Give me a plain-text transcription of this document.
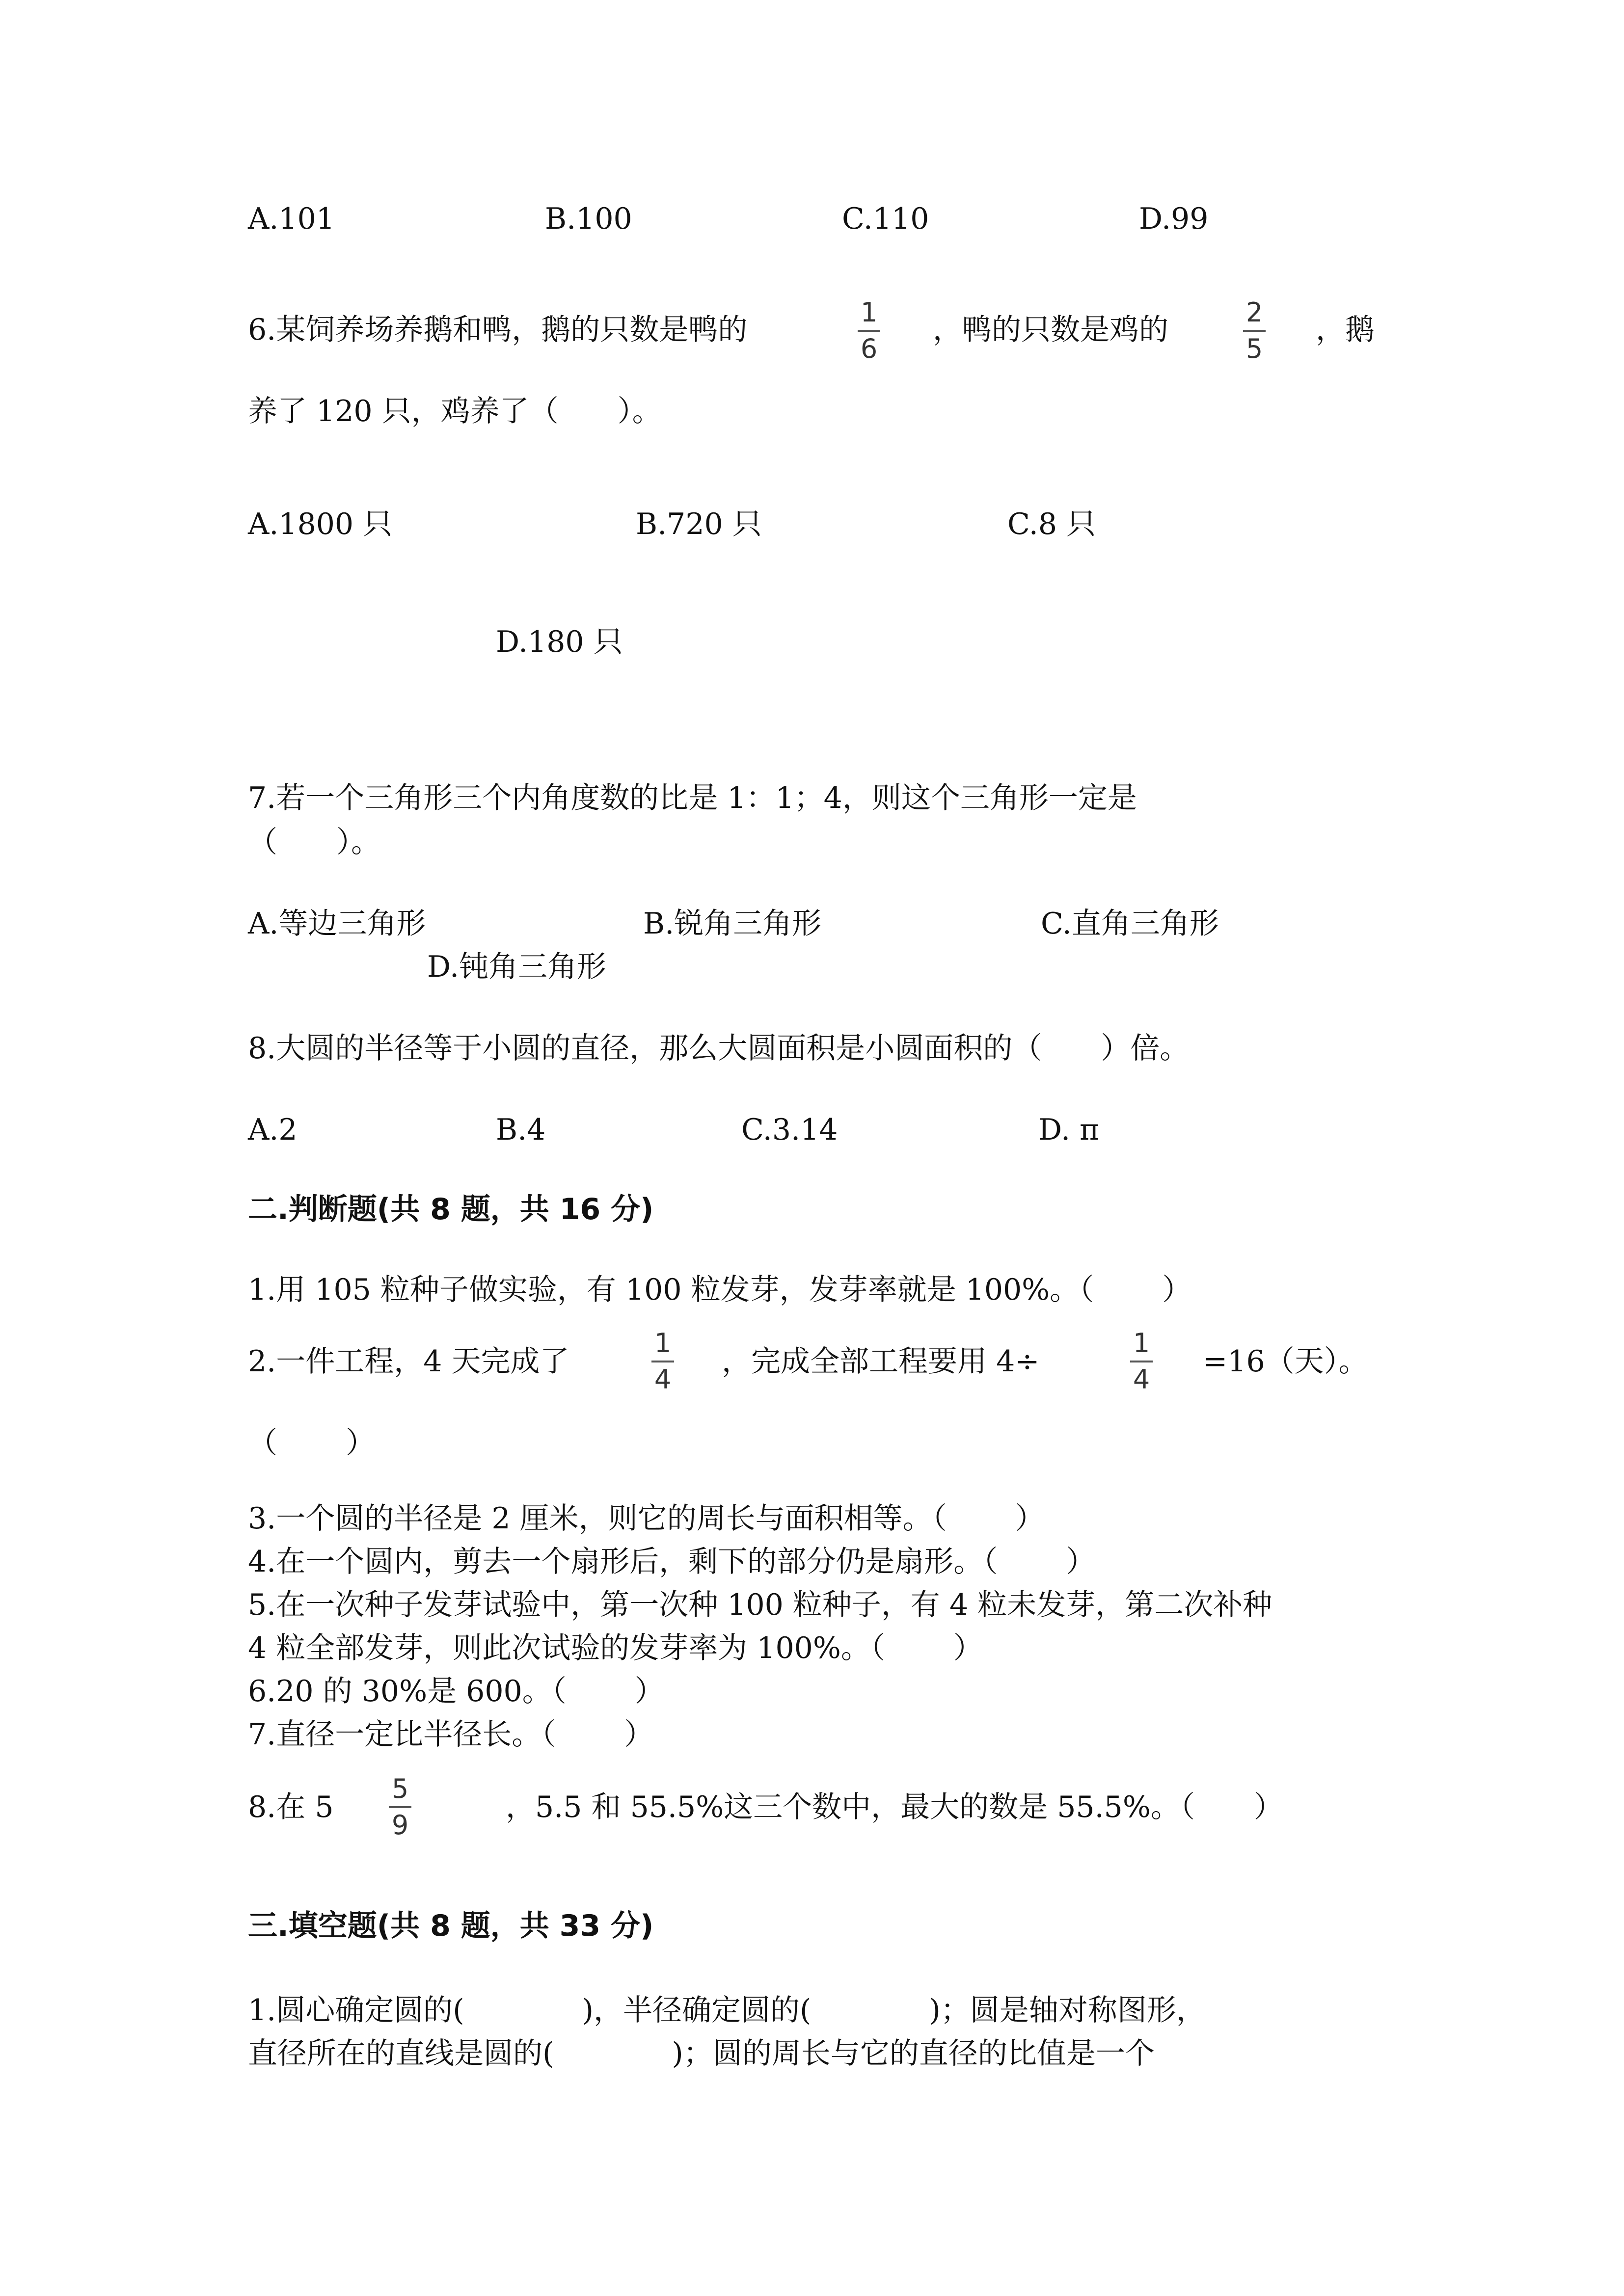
A.101	B.100	C.110	D.99
6.某饲养场养鹅和鸭，鹅的只数是鸭的
1
6
，鸭的只数是鸡的
2
5
，鹅
养了 120 只，鸡养了（　　）。
A.1800 只	B.720 只	C.8 只
D.180 只
7.若一个三角形三个内角度数的比是 1：1；4，则这个三角形一定是
（　　）。
A.等边三角形	B.锐角三角形	C.直角三角形
D.钝角三角形
8.大圆的半径等于小圆的直径，那么大圆面积是小圆面积的（　　）倍。
A.2	B.4	C.3.14	D. π
二.判断题(共 8 题，共 16 分)
1.用 105 粒种子做实验，有 100 粒发芽，发芽率就是 100%。（　　 ）
2.一件工程，4 天完成了
1
4
，完成全部工程要用 4÷
1
4
=16（天）。
（　　 ）
3.一个圆的半径是 2 厘米，则它的周长与面积相等。（　　 ）
4.在一个圆内，剪去一个扇形后，剩下的部分仍是扇形。（　　 ）
5.在一次种子发芽试验中，第一次种 100 粒种子，有 4 粒未发芽，第二次补种
4 粒全部发芽，则此次试验的发芽率为 100%。（　　 ）
6.20 的 30%是 600。（　　 ）
7.直径一定比半径长。（　　 ）
8.在 5
5
9
，5.5 和 55.5%这三个数中，最大的数是 55.5%。（　　）
三.填空题(共 8 题，共 33 分)
1.圆心确定圆的(　　　　)，半径确定圆的(　　　　)；圆是轴对称图形，
直径所在的直线是圆的(　　　　)；圆的周长与它的直径的比值是一个
